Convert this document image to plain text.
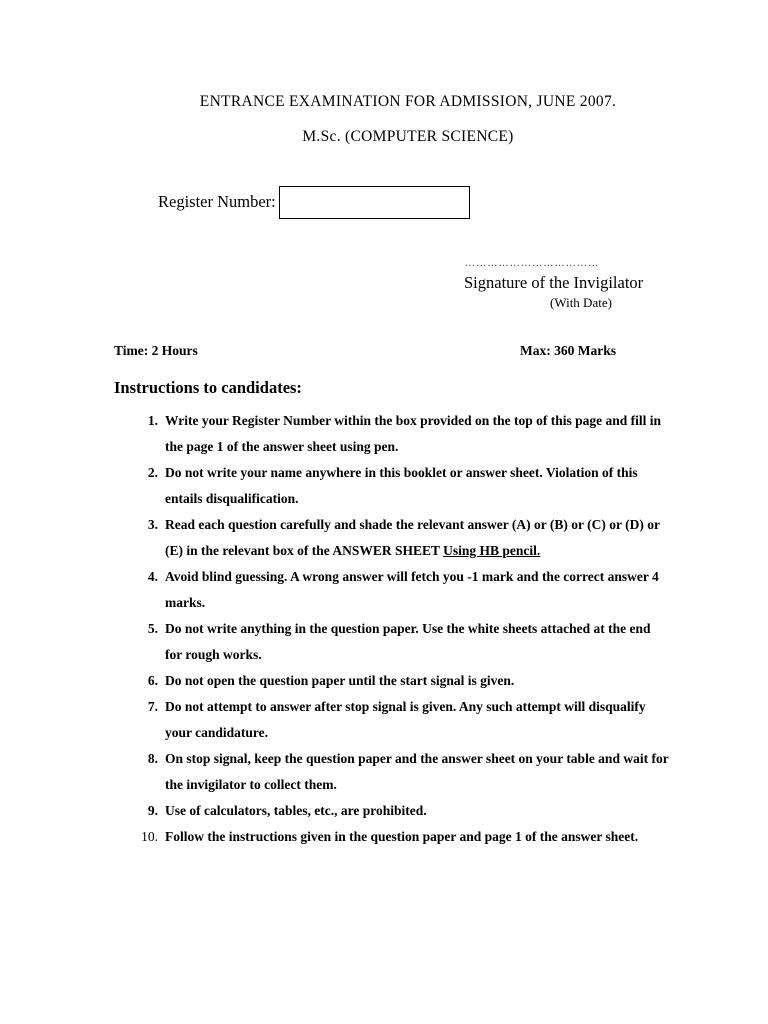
ENTRANCE EXAMINATION FOR ADMISSION, JUNE 2007.
M.Sc. (COMPUTER SCIENCE)
Register Number:
………………………………
Signature of the Invigilator
(With Date)
Time: 2 Hours	Max: 360 Marks
Instructions to candidates:
1. Write your Register Number within the box provided on the top of this page and fill in the page 1 of the answer sheet using pen.
2. Do not write your name anywhere in this booklet or answer sheet. Violation of this entails disqualification.
3. Read each question carefully and shade the relevant answer (A) or (B) or (C) or (D) or (E) in the relevant box of the ANSWER SHEET Using HB pencil.
4. Avoid blind guessing. A wrong answer will fetch you -1 mark and the correct answer 4 marks.
5. Do not write anything in the question paper. Use the white sheets attached at the end for rough works.
6. Do not open the question paper until the start signal is given.
7. Do not attempt to answer after stop signal is given. Any such attempt will disqualify your candidature.
8. On stop signal, keep the question paper and the answer sheet on your table and wait for the invigilator to collect them.
9. Use of calculators, tables, etc., are prohibited.
10. Follow the instructions given in the question paper and page 1 of the answer sheet.
